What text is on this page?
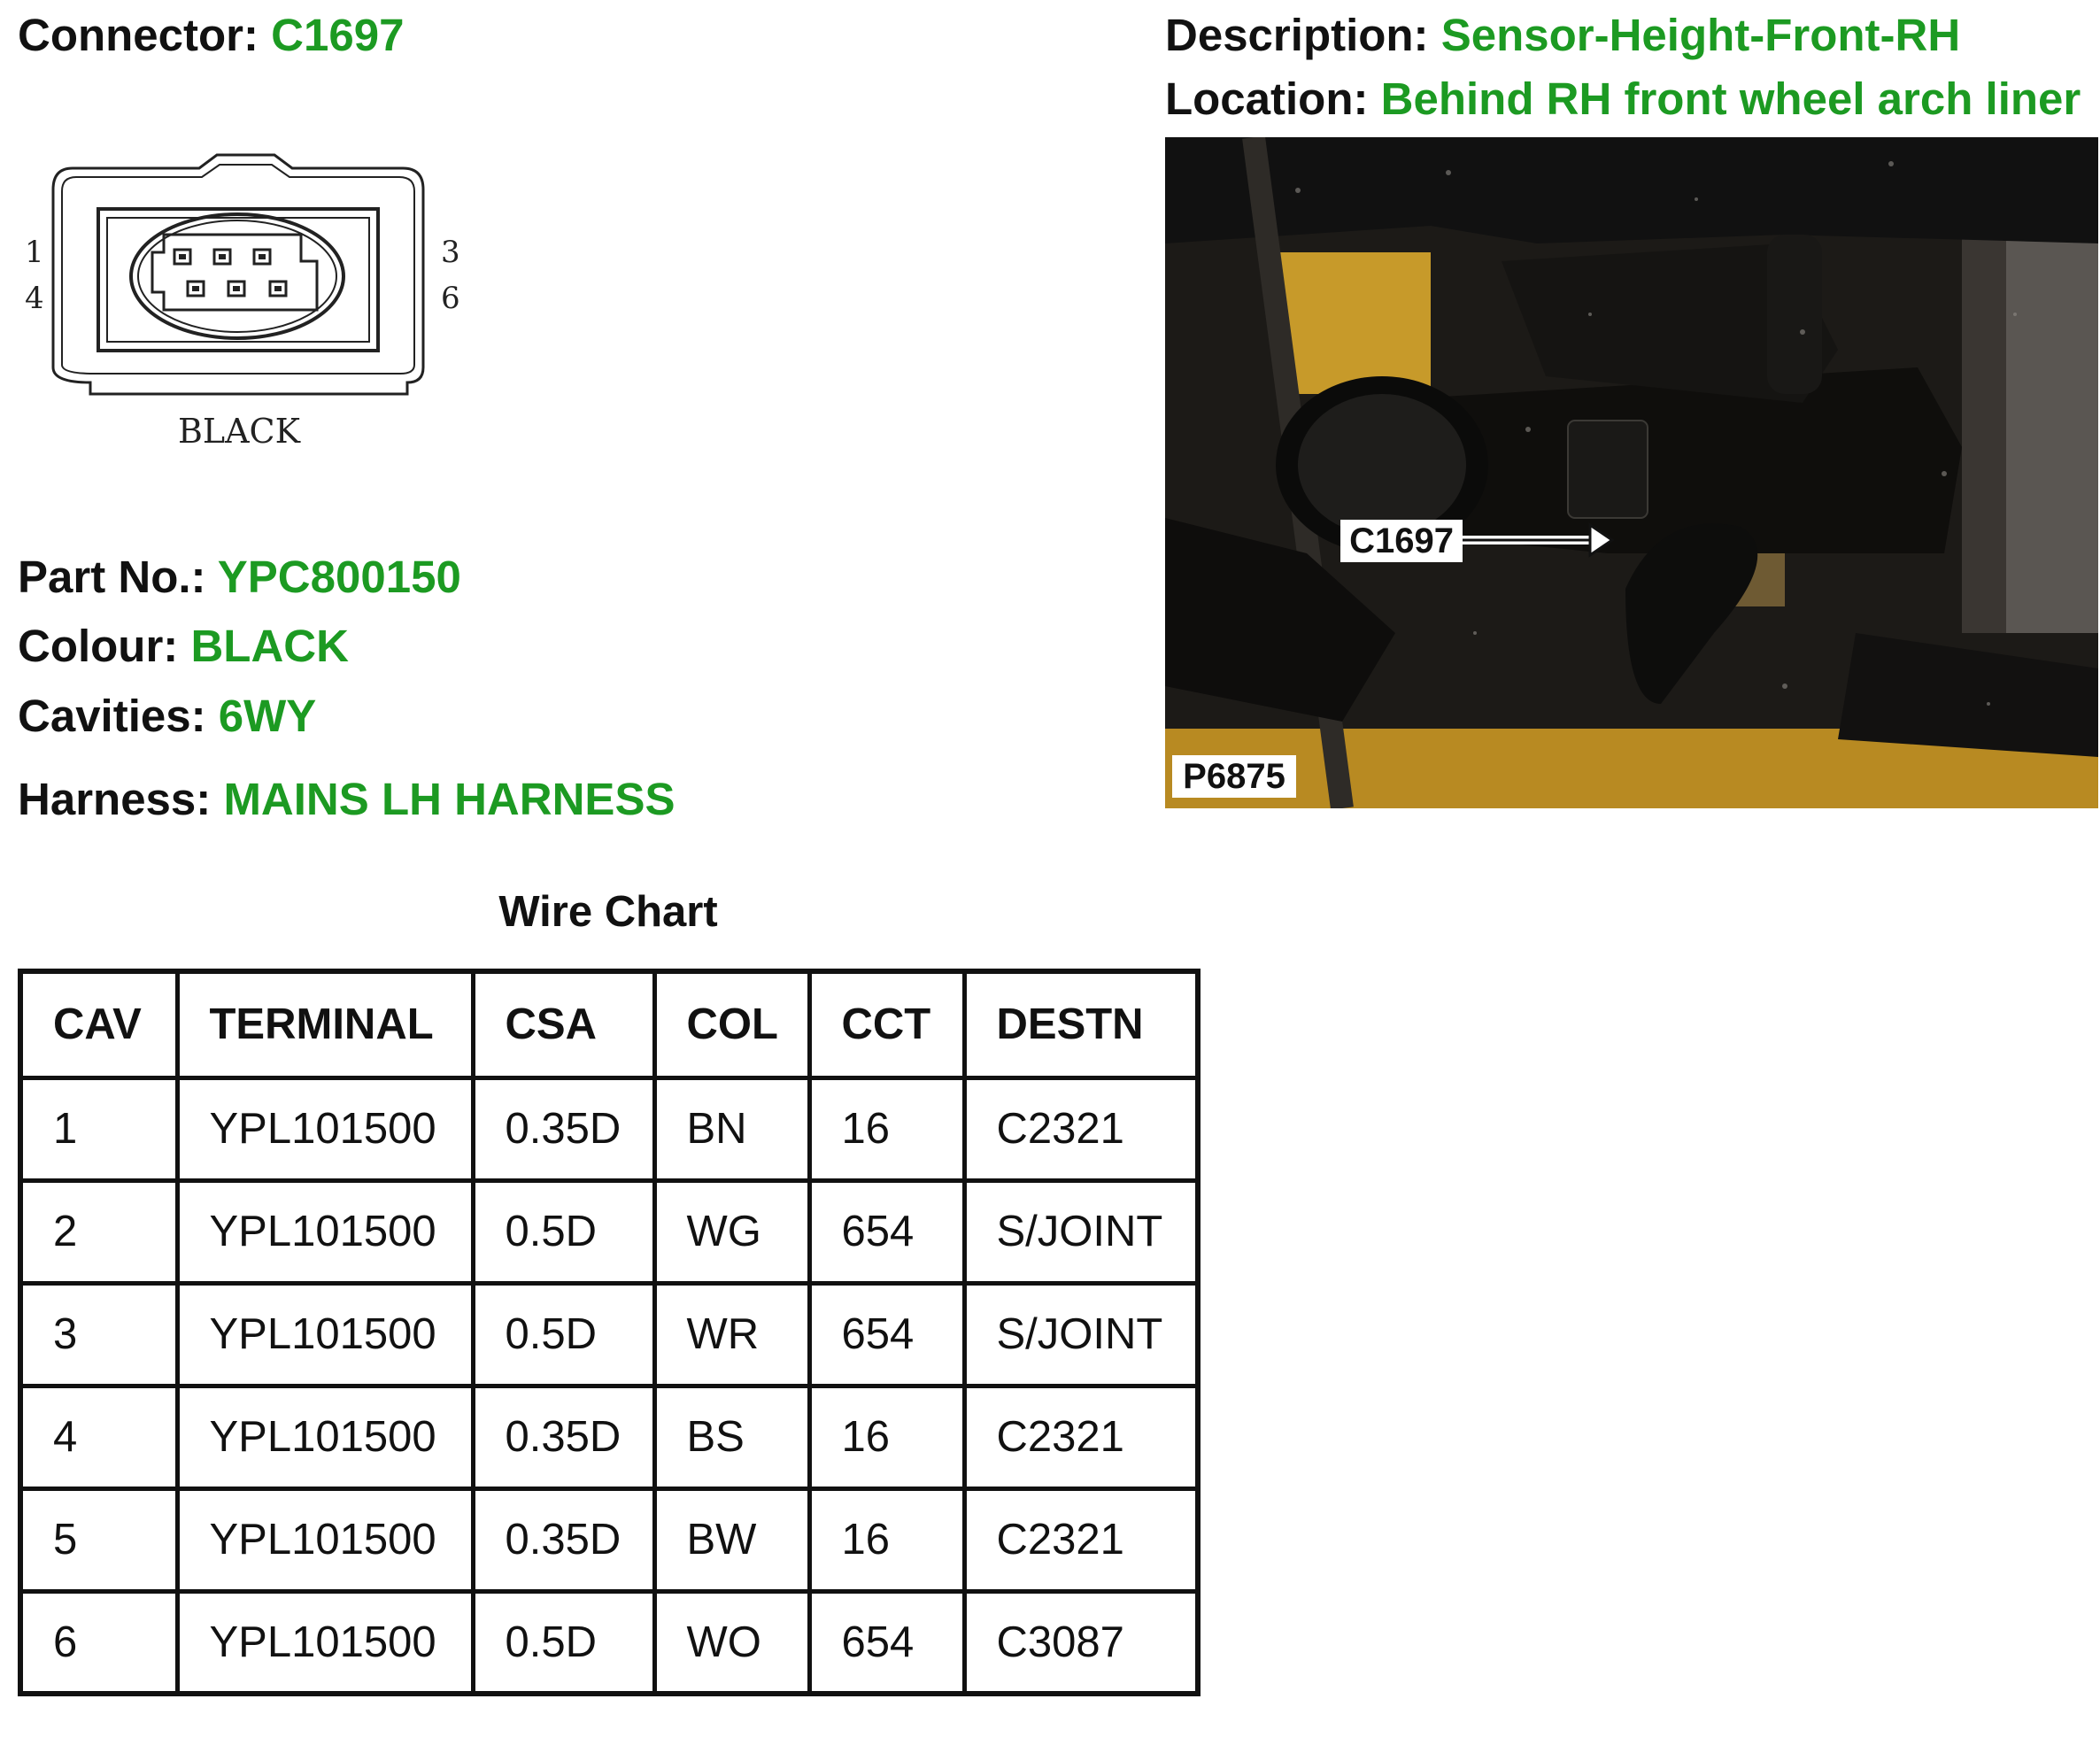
Connector: C1697	Description: Sensor-Height-Front-RH
Location: Behind RH front wheel arch liner
1
4
3
6
BLACK
C1697
P6875
Part No.: YPC800150
Colour: BLACK
Cavities: 6WY
Harness: MAINS LH HARNESS
Wire Chart
CAV	TERMINAL	CSA	COL	CCT	DESTN
1	YPL101500	0.35D	BN	16	C2321
2	YPL101500	0.5D	WG	654	S/JOINT
3	YPL101500	0.5D	WR	654	S/JOINT
4	YPL101500	0.35D	BS	16	C2321
5	YPL101500	0.35D	BW	16	C2321
6	YPL101500	0.5D	WO	654	C3087
